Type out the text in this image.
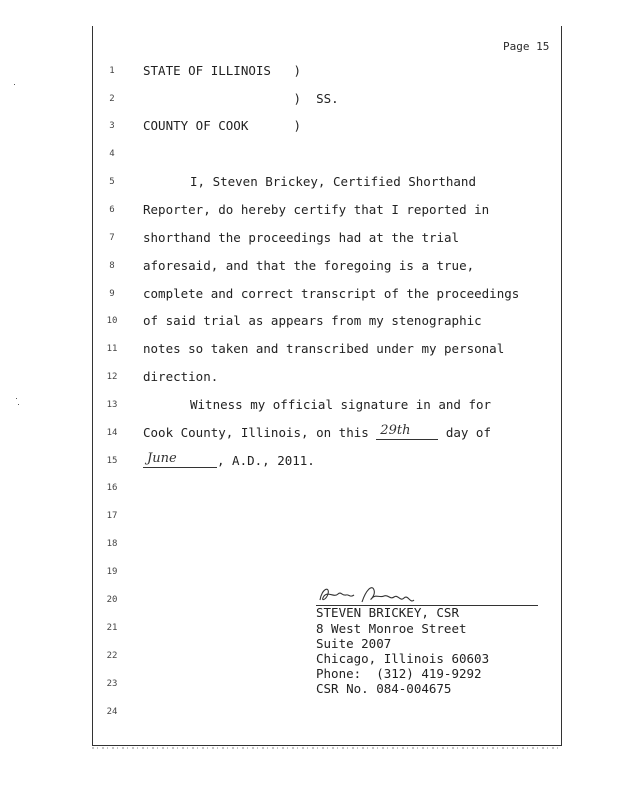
Page 15
1
2
3
4
5
6
7
8
9
10
11
12
13
14
15
16
17
18
19
20
21
22
23
24
STATE OF ILLINOIS   )
)  SS.
COUNTY OF COOK      )
I, Steven Brickey, Certified Shorthand
Reporter, do hereby certify that I reported in
shorthand the proceedings had at the trial
aforesaid, and that the foregoing is a true,
complete and correct transcript of the proceedings
of said trial as appears from my stenographic
notes so taken and transcribed under my personal
direction.
Witness my official signature in and for
Cook County, Illinois, on this 29th day of
June	, A.D., 2011.
STEVEN BRICKEY, CSR
8 West Monroe Street
Suite 2007
Chicago, Illinois 60603
Phone:  (312) 419-9292
CSR No. 084-004675
